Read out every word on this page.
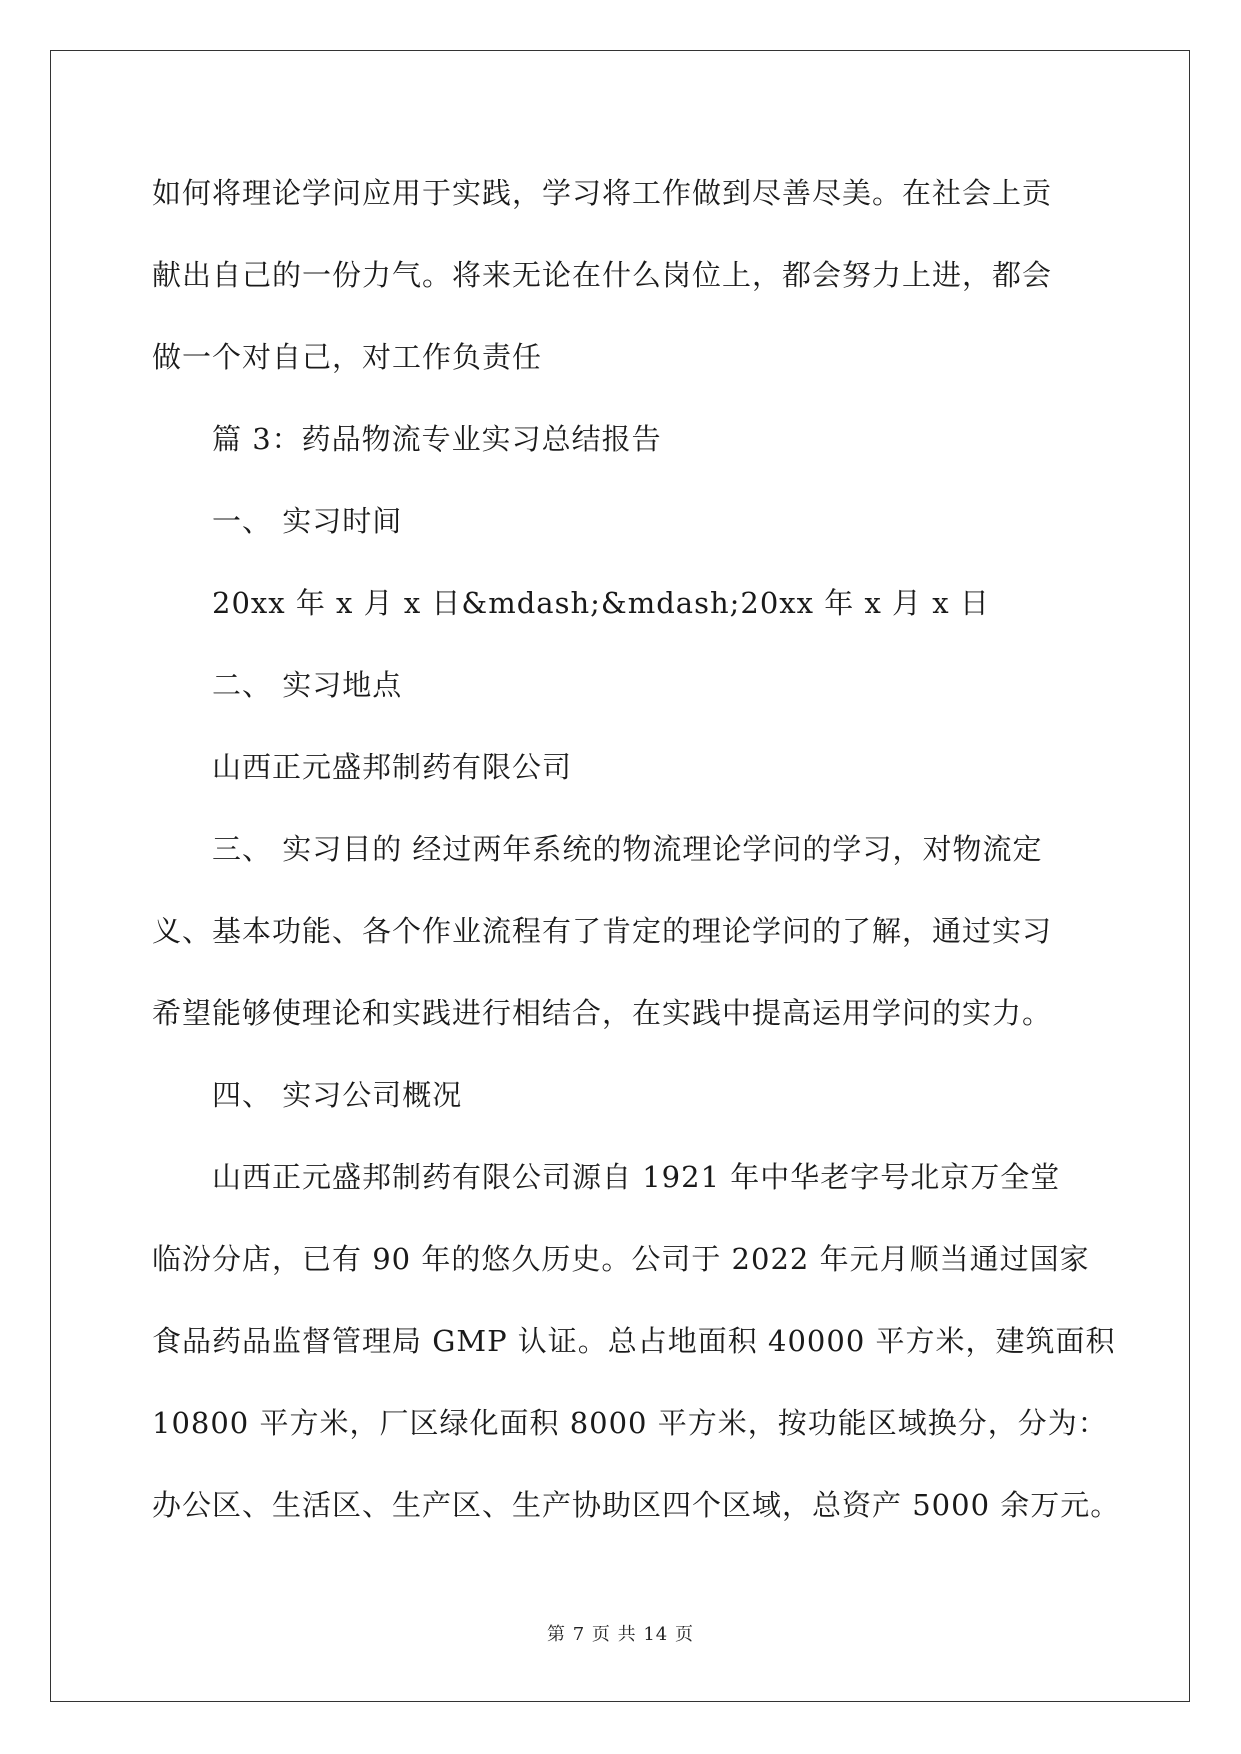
如何将理论学问应用于实践，学习将工作做到尽善尽美。在社会上贡
献出自己的一份力气。将来无论在什么岗位上，都会努力上进，都会
做一个对自己，对工作负责任
篇 3：药品物流专业实习总结报告
一、 实习时间
20xx 年 x 月 x 日&mdash;&mdash;20xx 年 x 月 x 日
二、 实习地点
山西正元盛邦制药有限公司
三、 实习目的 经过两年系统的物流理论学问的学习，对物流定
义、基本功能、各个作业流程有了肯定的理论学问的了解，通过实习
希望能够使理论和实践进行相结合，在实践中提高运用学问的实力。
四、 实习公司概况
山西正元盛邦制药有限公司源自 1921 年中华老字号北京万全堂
临汾分店，已有 90 年的悠久历史。公司于 2022 年元月顺当通过国家
食品药品监督管理局 GMP 认证。总占地面积 40000 平方米，建筑面积
10800 平方米，厂区绿化面积 8000 平方米，按功能区域换分，分为：
办公区、生活区、生产区、生产协助区四个区域，总资产 5000 余万元。
第 7 页 共 14 页
